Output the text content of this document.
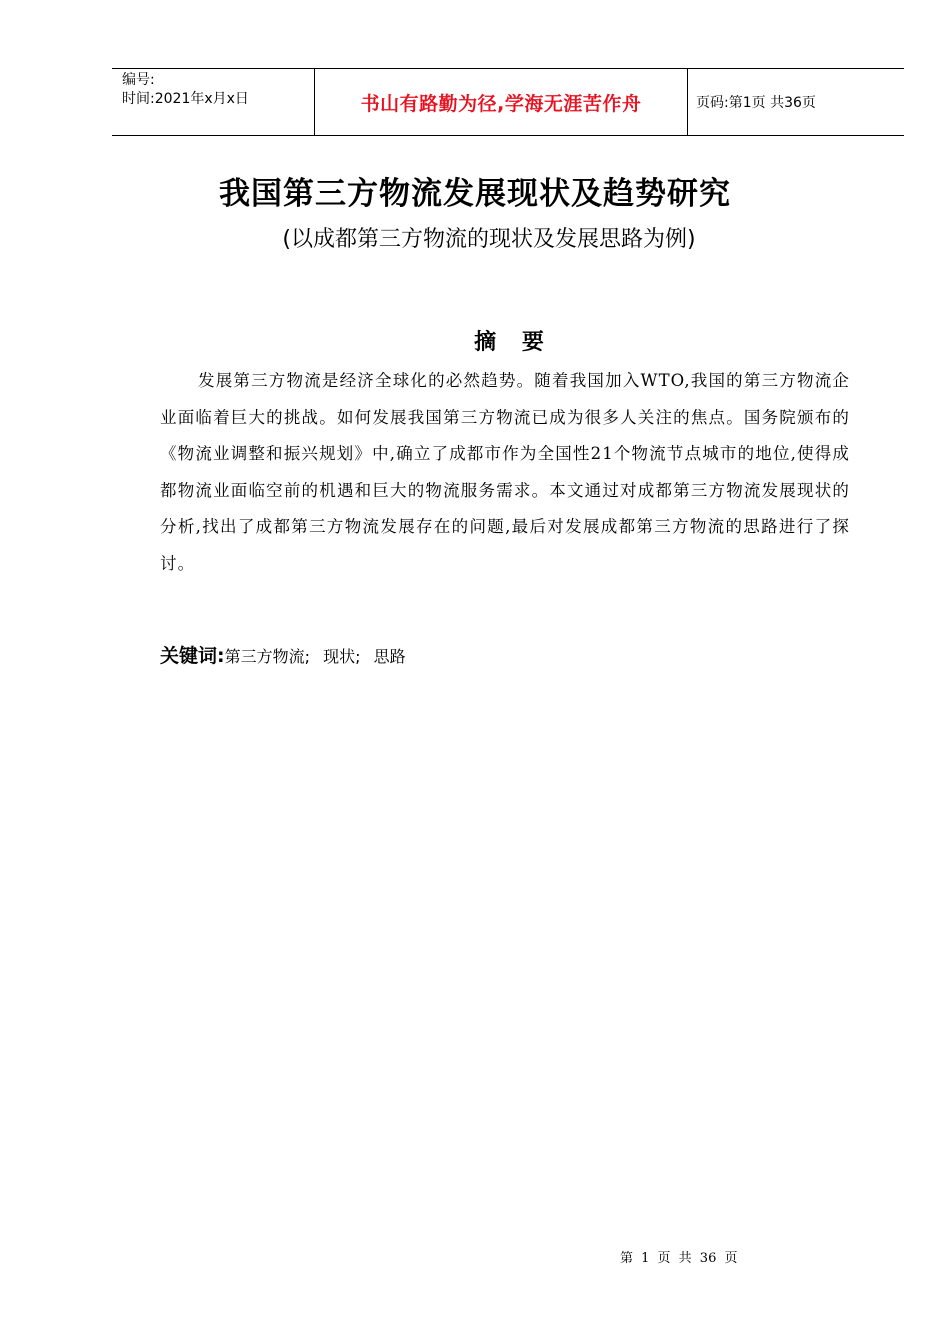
编号:
时间:2021年x月x日	书山有路勤为径,学海无涯苦作舟	页码:第1页 共36页
我国第三方物流发展现状及趋势研究
(以成都第三方物流的现状及发展思路为例)
摘 要
发展第三方物流是经济全球化的必然趋势。随着我国加入WTO,我国的第三方物流企业面临着巨大的挑战。如何发展我国第三方物流已成为很多人关注的焦点。国务院颁布的《物流业调整和振兴规划》中,确立了成都市作为全国性21个物流节点城市的地位,使得成都物流业面临空前的机遇和巨大的物流服务需求。本文通过对成都第三方物流发展现状的分析,找出了成都第三方物流发展存在的问题,最后对发展成都第三方物流的思路进行了探讨。
关键词:第三方物流; 现状; 思路
第 1 页 共 36 页
